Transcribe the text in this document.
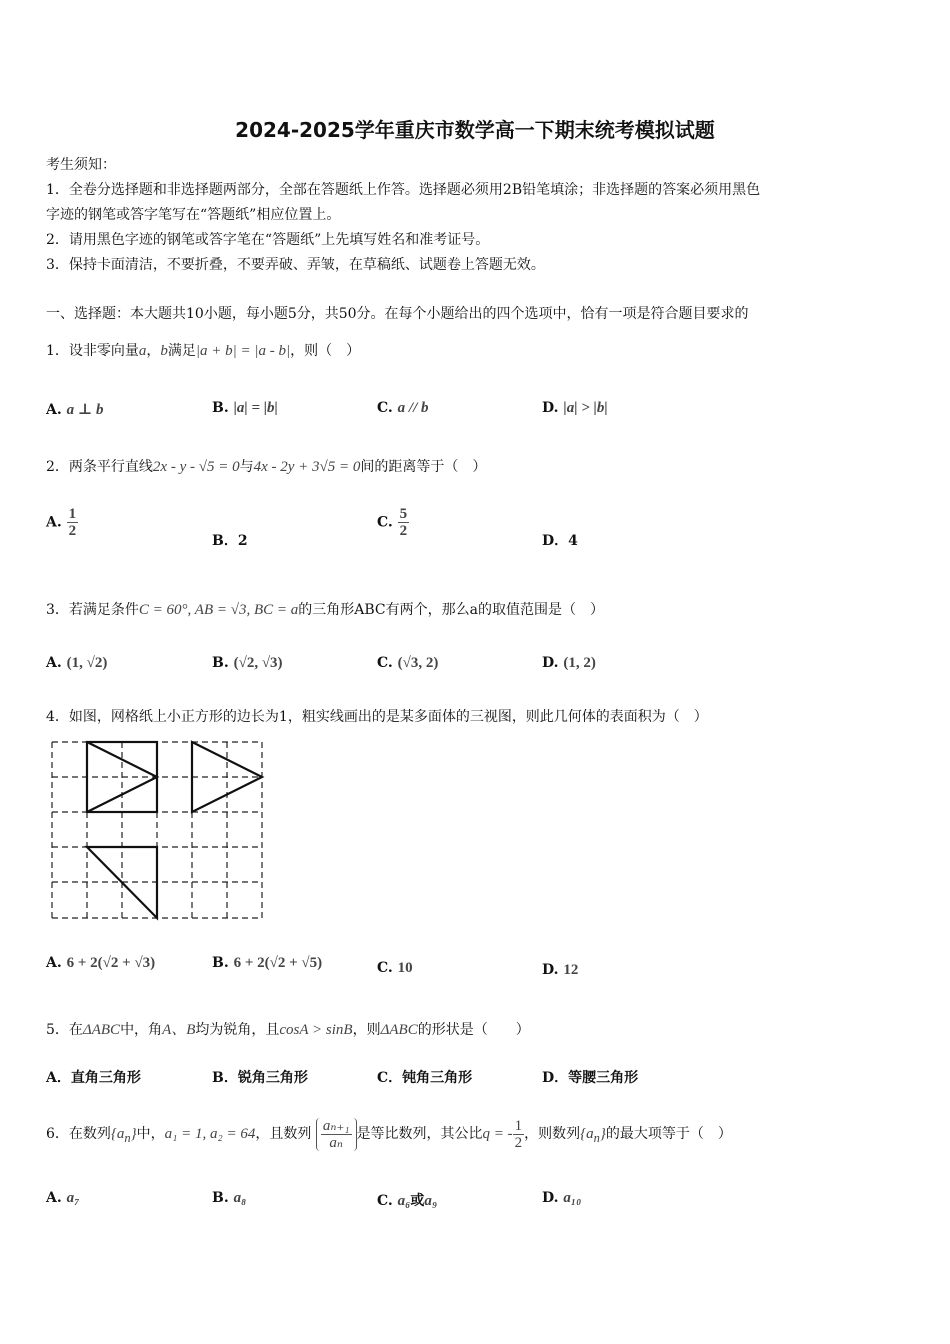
2024-2025学年重庆市数学高一下期末统考模拟试题
考生须知：
1．全卷分选择题和非选择题两部分，全部在答题纸上作答。选择题必须用2B铅笔填涂；非选择题的答案必须用黑色
字迹的钢笔或答字笔写在“答题纸”相应位置上。
2．请用黑色字迹的钢笔或答字笔在“答题纸”上先填写姓名和准考证号。
3．保持卡面清洁，不要折叠，不要弄破、弄皱，在草稿纸、试题卷上答题无效。
一、选择题：本大题共10小题，每小题5分，共50分。在每个小题给出的四个选项中，恰有一项是符合题目要求的
1．设非零向量a，b满足|a + b| = |a - b|，则（　）
A. a ⊥ b	B. |a| = |b|	C. a // b	D. |a| > |b|
2．两条平行直线2x - y - √5 = 0与4x - 2y + 3√5 = 0间的距离等于（　）
A. $\frac{1}{2}$
B．2
C. $\frac{5}{2}$
D．4
3．若满足条件C = 60°, AB = √3, BC = a的三角形ABC有两个，那么a的取值范围是（　）
A. (1, √2)	B. (√2, √3)	C. (√3, 2)	D. (1, 2)
4．如图，网格纸上小正方形的边长为1，粗实线画出的是某多面体的三视图，则此几何体的表面积为（　）
A. 6 + 2(√2 + √3)	B. 6 + 2(√2 + √5)	C. 10	D. 12
5．在ΔABC中，角A、B均为锐角，且cosA > sinB，则ΔABC的形状是（　　）
A．直角三角形	B．锐角三角形	C．钝角三角形	D．等腰三角形
6．在数列$\{a_n\}$中，a₁ = 1, a₂ = 64，且数列 $\frac{\text{aₙ₊₁}}{\text{aₙ}}$ 是等比数列，其公比q = - $\frac{1}{2}$ ，则数列$\{a_n\}$的最大项等于（　）
A. a₇	B. a₈	C. a₆或a₉	D. a₁₀
